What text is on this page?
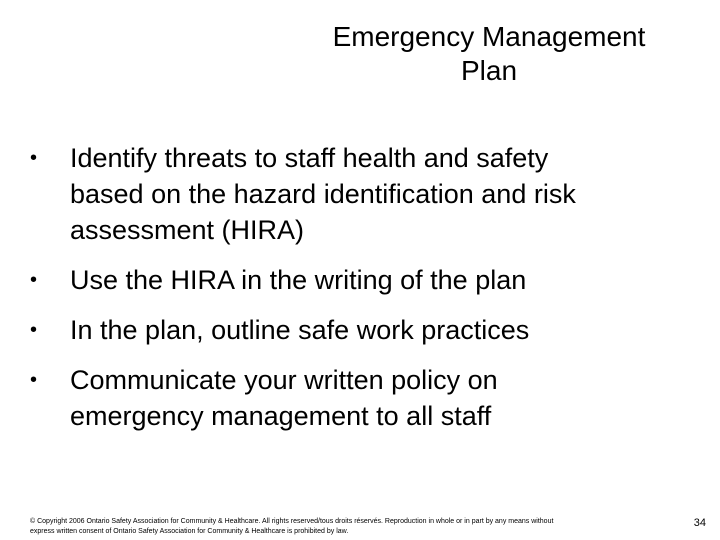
Emergency Management
Plan
•	Identify threats to staff health and safety
based on the hazard identification and risk
assessment (HIRA)
•	Use the HIRA in the writing of the plan
•	In the plan, outline safe work practices
•	Communicate your written policy on
emergency management to all staff
© Copyright 2006 Ontario Safety Association for Community & Healthcare. All rights reserved/tous droits réservés. Reproduction in whole or in part by any means without
express written consent of Ontario Safety Association for Community & Healthcare is prohibited by law.
34
